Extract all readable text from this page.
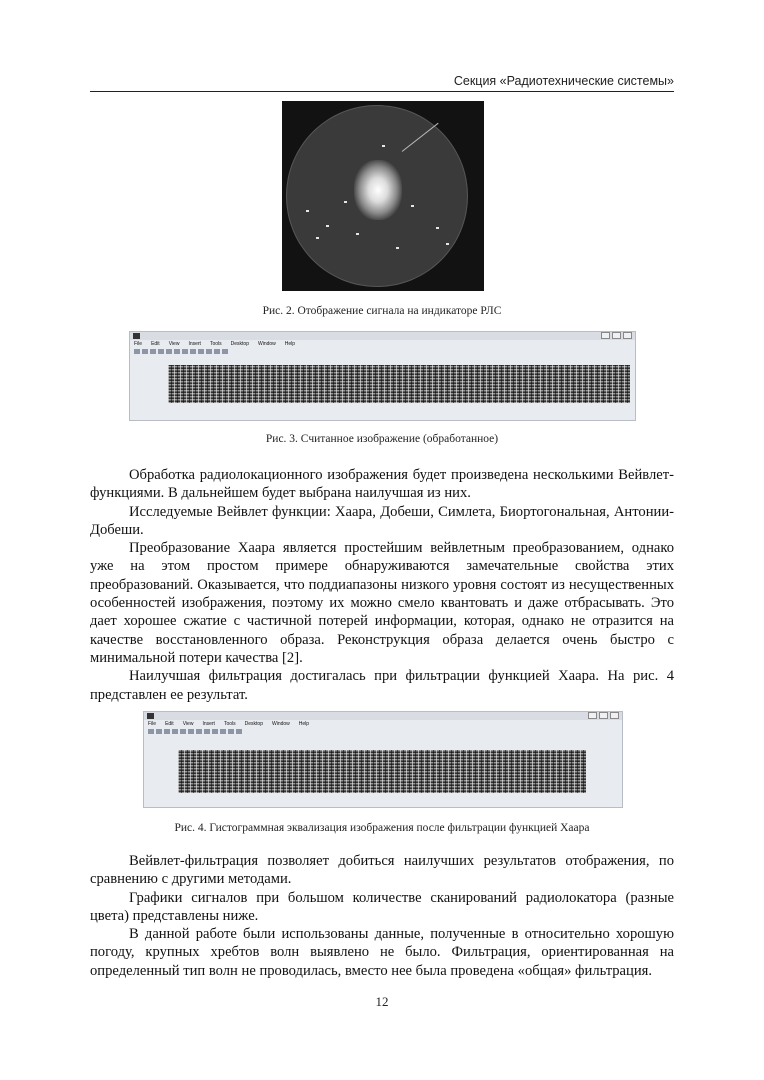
Секция «Радиотехнические системы»
Рис. 2. Отображение сигнала на индикаторе РЛС
File Edit View Insert Tools Desktop Window Help
Рис. 3. Считанное изображение (обработанное)

Обработка радиолокационного изображения будет произведена несколькими Вейвлет-функциями. В дальнейшем будет выбрана наилучшая из них.

Исследуемые Вейвлет функции: Хаара, Добеши, Симлета, Биортогональная, Антонии-Добеши.

Преобразование Хаара является простейшим вейвлетным преобразованием, однако уже на этом простом примере обнаруживаются замечательные свойства этих преобразований. Оказывается, что поддиапазоны низкого уровня состоят из несущественных особенностей изображения, поэтому их можно смело квантовать и даже отбрасывать. Это дает хорошее сжатие с частичной потерей информации, которая, однако не отразится на качестве восстановленного образа. Реконструкция образа делается очень быстро с минимальной потери качества [2].

Наилучшая фильтрация достигалась при фильтрации функцией Хаара. На рис. 4 представлен ее результат.

File Edit View Insert Tools Desktop Window Help
Рис. 4. Гистограммная эквализация изображения после фильтрации функцией Хаара

Вейвлет-фильтрация позволяет добиться наилучших результатов отображения, по сравнению с другими методами.

Графики сигналов при большом количестве сканирований радиолокатора (разные цвета) представлены ниже.

В данной работе были использованы данные, полученные в относительно хорошую погоду, крупных хребтов волн выявлено не было. Фильтрация, ориентированная на определенный тип волн не проводилась, вместо нее была проведена «общая» фильтрация.

12
